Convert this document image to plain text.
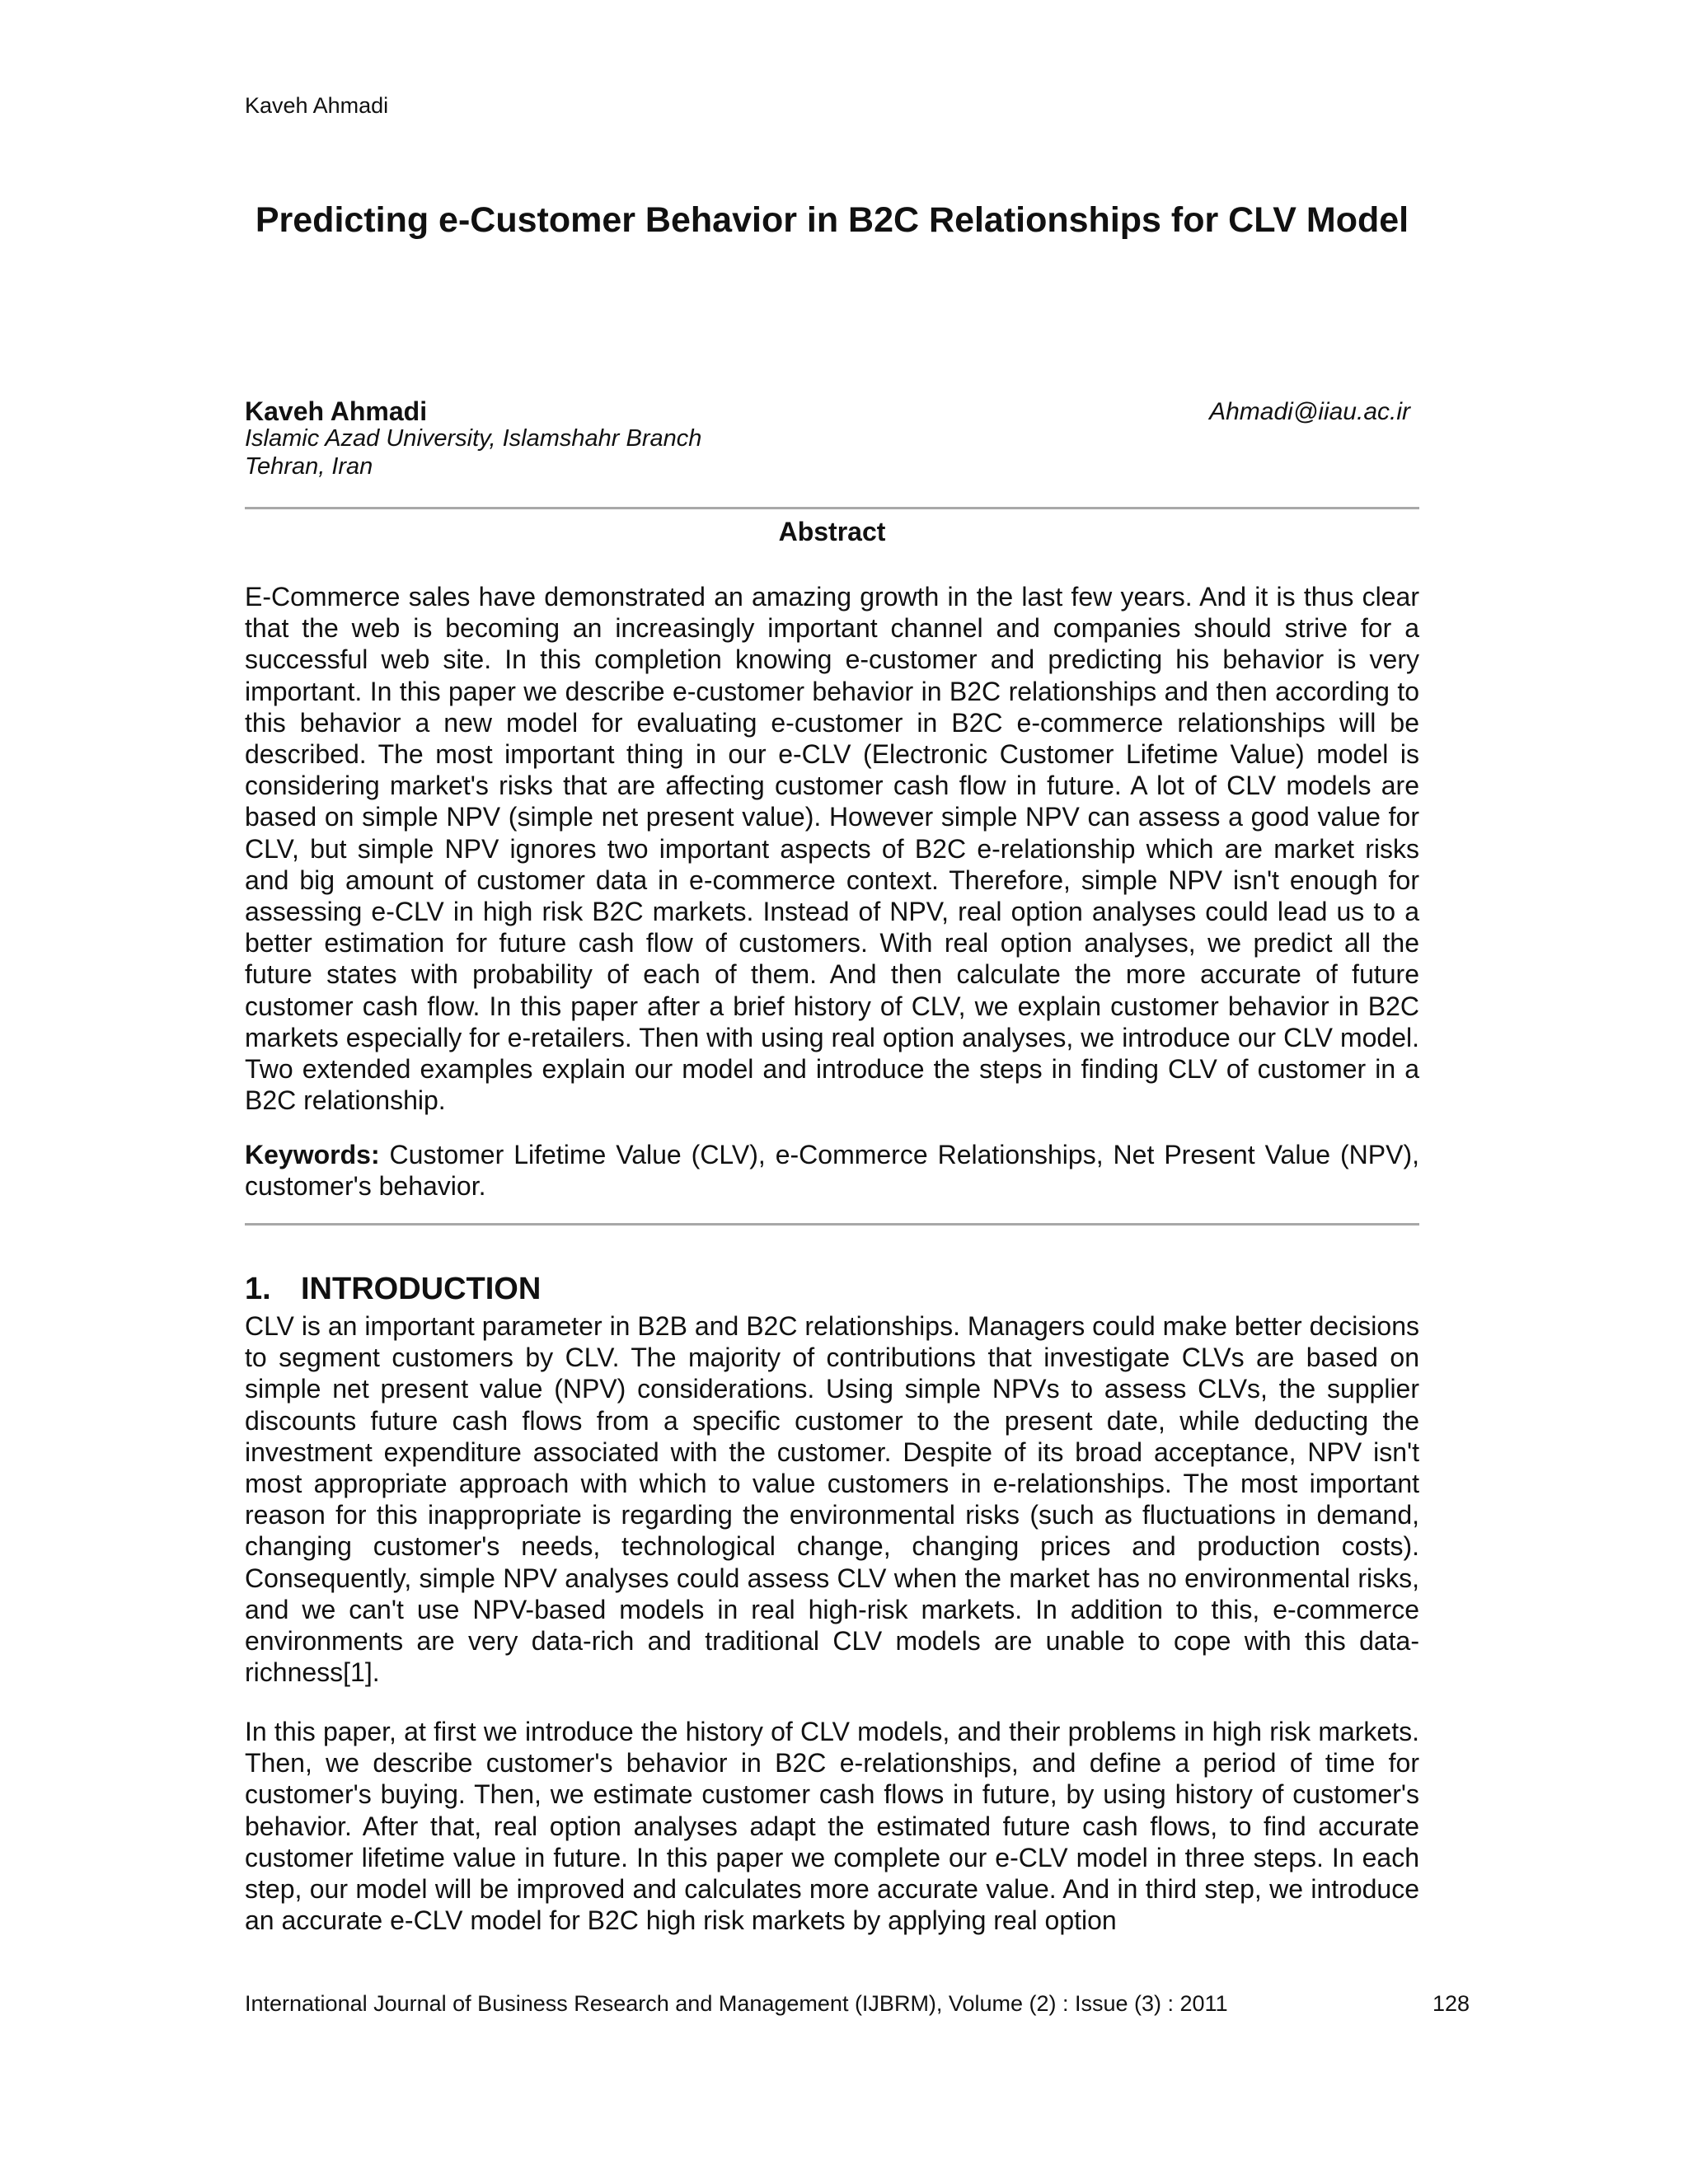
Kaveh Ahmadi
Predicting e-Customer Behavior in B2C Relationships for CLV Model
Kaveh Ahmadi	Ahmadi@iiau.ac.ir
Islamic Azad University, Islamshahr Branch
Tehran, Iran
Abstract
E-Commerce sales have demonstrated an amazing growth in the last few years. And it is thus clear that the web is becoming an increasingly important channel and companies should strive for a successful web site. In this completion knowing e-customer and predicting his behavior is very important. In this paper we describe e-customer behavior in B2C relationships and then according to this behavior a new model for evaluating e-customer in B2C e-commerce relationships will be described. The most important thing in our e-CLV (Electronic Customer Lifetime Value) model is considering market's risks that are affecting customer cash flow in future. A lot of CLV models are based on simple NPV (simple net present value). However simple NPV can assess a good value for CLV, but simple NPV ignores two important aspects of B2C e-relationship which are market risks and big amount of customer data in e-commerce context. Therefore, simple NPV isn't enough for assessing e-CLV in high risk B2C markets. Instead of NPV, real option analyses could lead us to a better estimation for future cash flow of customers. With real option analyses, we predict all the future states with probability of each of them. And then calculate the more accurate of future customer cash flow. In this paper after a brief history of CLV, we explain customer behavior in B2C markets especially for e-retailers. Then with using real option analyses, we introduce our CLV model. Two extended examples explain our model and introduce the steps in finding CLV of customer in a B2C relationship.
Keywords: Customer Lifetime Value (CLV), e-Commerce Relationships, Net Present Value (NPV), customer's behavior.
1. INTRODUCTION
CLV is an important parameter in B2B and B2C relationships. Managers could make better decisions to segment customers by CLV. The majority of contributions that investigate CLVs are based on simple net present value (NPV) considerations. Using simple NPVs to assess CLVs, the supplier discounts future cash flows from a specific customer to the present date, while deducting the investment expenditure associated with the customer. Despite of its broad acceptance, NPV isn't most appropriate approach with which to value customers in e-relationships. The most important reason for this inappropriate is regarding the environmental risks (such as fluctuations in demand, changing customer's needs, technological change, changing prices and production costs). Consequently, simple NPV analyses could assess CLV when the market has no environmental risks, and we can't use NPV-based models in real high-risk markets. In addition to this, e-commerce environments are very data-rich and traditional CLV models are unable to cope with this data-richness[1].
In this paper, at first we introduce the history of CLV models, and their problems in high risk markets. Then, we describe customer's behavior in B2C e-relationships, and define a period of time for customer's buying. Then, we estimate customer cash flows in future, by using history of customer's behavior. After that, real option analyses adapt the estimated future cash flows, to find accurate customer lifetime value in future. In this paper we complete our e-CLV model in three steps. In each step, our model will be improved and calculates more accurate value. And in third step, we introduce an accurate e-CLV model for B2C high risk markets by applying real option
International Journal of Business Research and Management (IJBRM), Volume (2) : Issue (3) : 2011	128
